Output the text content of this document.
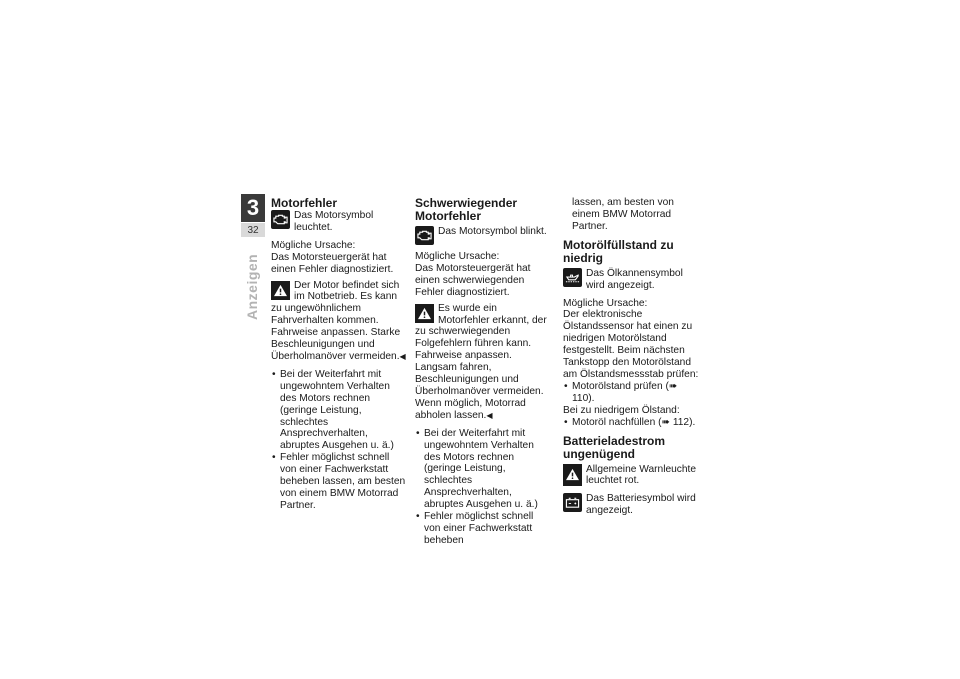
3
32
Anzeigen
Motorfehler
Das Motorsymbol leuchtet.

Mögliche Ursache:

Das Motorsteuergerät hat einen Fehler diagnostiziert.

Der Motor befindet sich im Notbetrieb. Es kann zu ungewöhnlichem Fahrverhalten kommen.

Fahrweise anpassen. Starke Beschleunigungen und Überholmanöver vermeiden.◀

• Bei der Weiterfahrt mit ungewohntem Verhalten des Motors rechnen (geringe Leistung, schlechtes Ansprechverhalten, abruptes Ausgehen u. ä.)
• Fehler möglichst schnell von einer Fachwerkstatt beheben lassen, am besten von einem BMW Motorrad Partner.
Schwerwiegender Motorfehler
Das Motorsymbol blinkt.

Mögliche Ursache:

Das Motorsteuergerät hat einen schwerwiegenden Fehler diagnostiziert.

Es wurde ein Motorfehler erkannt, der zu schwerwiegenden Folgefehlern führen kann. Fahrweise anpassen. Langsam fahren, Beschleunigungen und Überholmanöver vermeiden. Wenn möglich, Motorrad abholen lassen.◀
• Bei der Weiterfahrt mit ungewohntem Verhalten des Motors rechnen (geringe Leistung, schlechtes Ansprechverhalten, abruptes Ausgehen u. ä.)
• Fehler möglichst schnell von einer Fachwerkstatt beheben

lassen, am besten von einem BMW Motorrad Partner.

Motorölfüllstand zu niedrig
Das Ölkannensymbol wird angezeigt.

Mögliche Ursache:

Der elektronische Ölstandssensor hat einen zu niedrigen Motorölstand festgestellt. Beim nächsten Tankstopp den Motorölstand am Ölstandsmessstab prüfen:

• Motorölstand prüfen (➠ 110).

Bei zu niedrigem Ölstand:

• Motoröl nachfüllen (➠ 112).
Batterieladestrom ungenügend
Allgemeine Warnleuchte leuchtet rot.
Das Batteriesymbol wird angezeigt.
